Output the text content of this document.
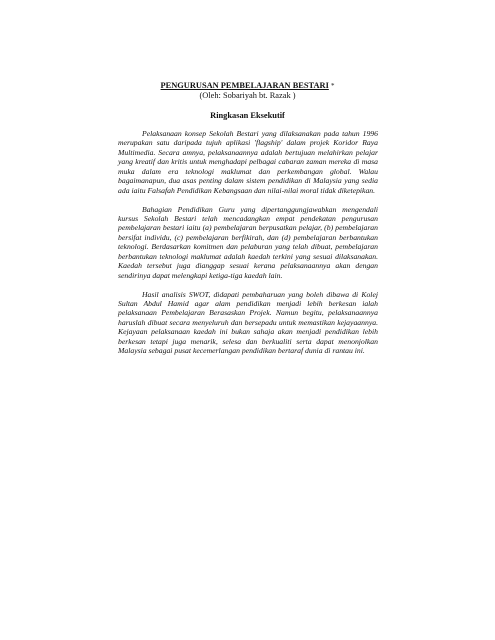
PENGURUSAN PEMBELAJARAN BESTARI *
(Oleh: Sobariyah bt. Razak )
Ringkasan Eksekutif

Pelaksanaan konsep Sekolah Bestari yang dilaksanakan pada tahun 1996 merupakan satu daripada tujuh aplikasi 'flagship' dalam projek Koridor Raya Multimedia. Secara amnya, pelaksanaannya adalah bertujuan melahirkan pelajar yang kreatif dan kritis untuk menghadapi pelbagai cabaran zaman mereka di masa muka dalam era teknologi maklumat dan perkembangan global. Walau bagaimanapun, dua asas penting dalam sistem pendidikan di Malaysia yang sedia ada iaitu Falsafah Pendidikan Kebangsaan dan nilai-nilai moral tidak diketepikan.

Bahagian Pendidikan Guru yang dipertanggungjawabkan mengendali kursus Sekolah Bestari telah mencadangkan empat pendekatan pengurusan pembelajaran bestari iaitu (a) pembelajaran berpusatkan pelajar, (b) pembelajaran bersifat individu, (c) pembelajaran berfikirah, dan (d) pembelajaran berbantukan teknologi. Berdasarkan komitmen dan pelaburan yang telah dibuat, pembelajaran berbantukan teknologi maklumat adalah kaedah terkini yang sesuai dilaksanakan. Kaedah tersebut juga dianggap sesuai kerana pelaksanaannya akan dengan sendirinya dapat melengkapi ketiga-tiga kaedah lain.

Hasil analisis SWOT, didapati pembaharuan yang boleh dibawa di Kolej Sultan Abdul Hamid agar alam pendidikan menjadi lebih berkesan ialah pelaksanaan Pembelajaran Berasaskan Projek. Namun begitu, pelaksanaannya haruslah dibuat secara menyeluruh dan bersepadu untuk memastikan kejayaannya. Kejayaan pelaksanaan kaedah ini bukan sahaja akan menjadi pendidikan lebih berkesan tetapi juga menarik, selesa dan berkualiti serta dapat menonjolkan Malaysia sebagai pusat kecemerlangan pendidikan bertaraf dunia di rantau ini.
